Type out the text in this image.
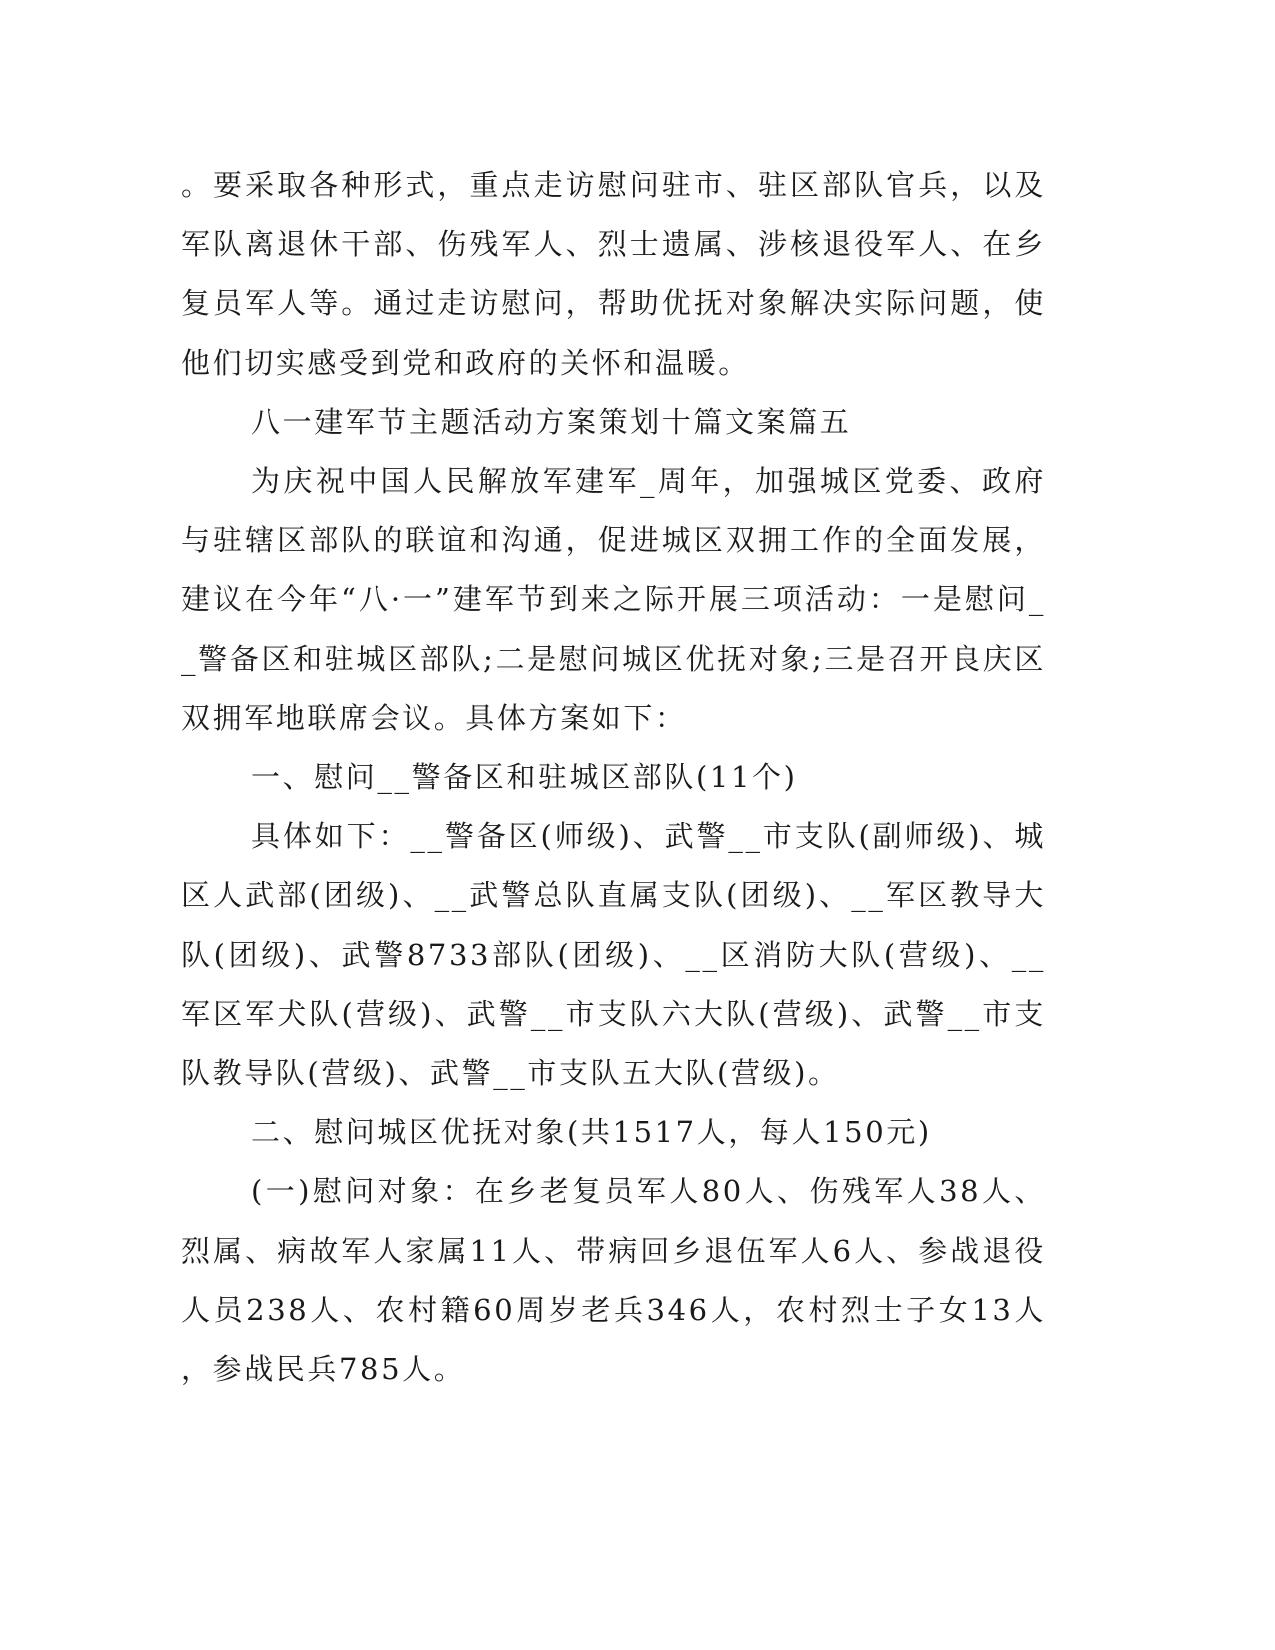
。要采取各种形式，重点走访慰问驻市、驻区部队官兵，以及军队离退休干部、伤残军人、烈士遗属、涉核退役军人、在乡复员军人等。通过走访慰问，帮助优抚对象解决实际问题，使他们切实感受到党和政府的关怀和温暖。

八一建军节主题活动方案策划十篇文案篇五

为庆祝中国人民解放军建军_周年，加强城区党委、政府与驻辖区部队的联谊和沟通，促进城区双拥工作的全面发展，建议在今年“八·一”建军节到来之际开展三项活动：一是慰问__警备区和驻城区部队;二是慰问城区优抚对象;三是召开良庆区双拥军地联席会议。具体方案如下：

一、慰问__警备区和驻城区部队(11个)

具体如下：__警备区(师级)、武警__市支队(副师级)、城区人武部(团级)、__武警总队直属支队(团级)、__军区教导大队(团级)、武警8733部队(团级)、__区消防大队(营级)、__军区军犬队(营级)、武警__市支队六大队(营级)、武警__市支队教导队(营级)、武警__市支队五大队(营级)。

二、慰问城区优抚对象(共1517人，每人150元)

(一)慰问对象：在乡老复员军人80人、伤残军人38人、烈属、病故军人家属11人、带病回乡退伍军人6人、参战退役人员238人、农村籍60周岁老兵346人，农村烈士子女13人，参战民兵785人。
